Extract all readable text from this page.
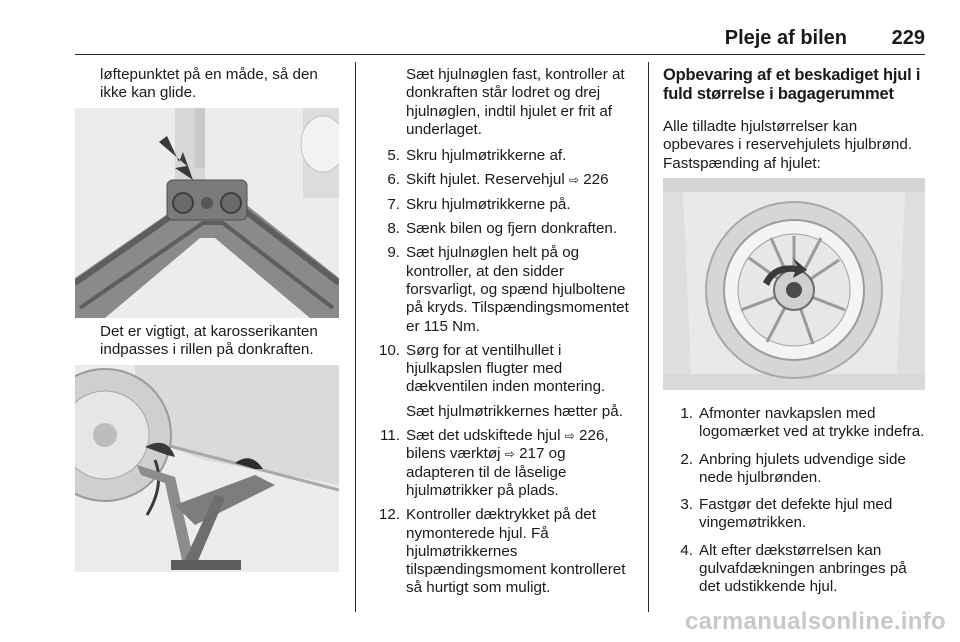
Pleje af bilen 229
løftepunktet på en måde, så den ikke kan glide.
Det er vigtigt, at karosserikanten indpasses i rillen på donkraften.
Sæt hjulnøglen fast, kontroller at donkraften står lodret og drej hjulnøglen, indtil hjulet er frit af underlaget.
5. Skru hjulmøtrikkerne af.
6. Skift hjulet. Reservehjul ⇨ 226
7. Skru hjulmøtrikkerne på.
8. Sænk bilen og fjern donkraften.
9. Sæt hjulnøglen helt på og kontroller, at den sidder forsvarligt, og spænd hjulboltene på kryds. Tilspændingsmomentet er 115 Nm.
10. Sørg for at ventilhullet i hjulkapslen flugter med dækventilen inden montering.
Sæt hjulmøtrikkernes hætter på.
11. Sæt det udskiftede hjul ⇨ 226, bilens værktøj ⇨ 217 og adapteren til de låselige hjulmøtrikker på plads.
12. Kontroller dæktrykket på det nymonterede hjul. Få hjulmøtrikkernes tilspændingsmoment kontrolleret så hurtigt som muligt.
Opbevaring af et beskadiget hjul i fuld størrelse i bagagerummet
Alle tilladte hjulstørrelser kan opbevares i reservehjulets hjulbrønd. Fastspænding af hjulet:
1. Afmonter navkapslen med logomærket ved at trykke indefra.
2. Anbring hjulets udvendige side nede hjulbrønden.
3. Fastgør det defekte hjul med vingemøtrikken.
4. Alt efter dækstørrelsen kan gulvafdækningen anbringes på det udstikkende hjul.
carmanualsonline.info
